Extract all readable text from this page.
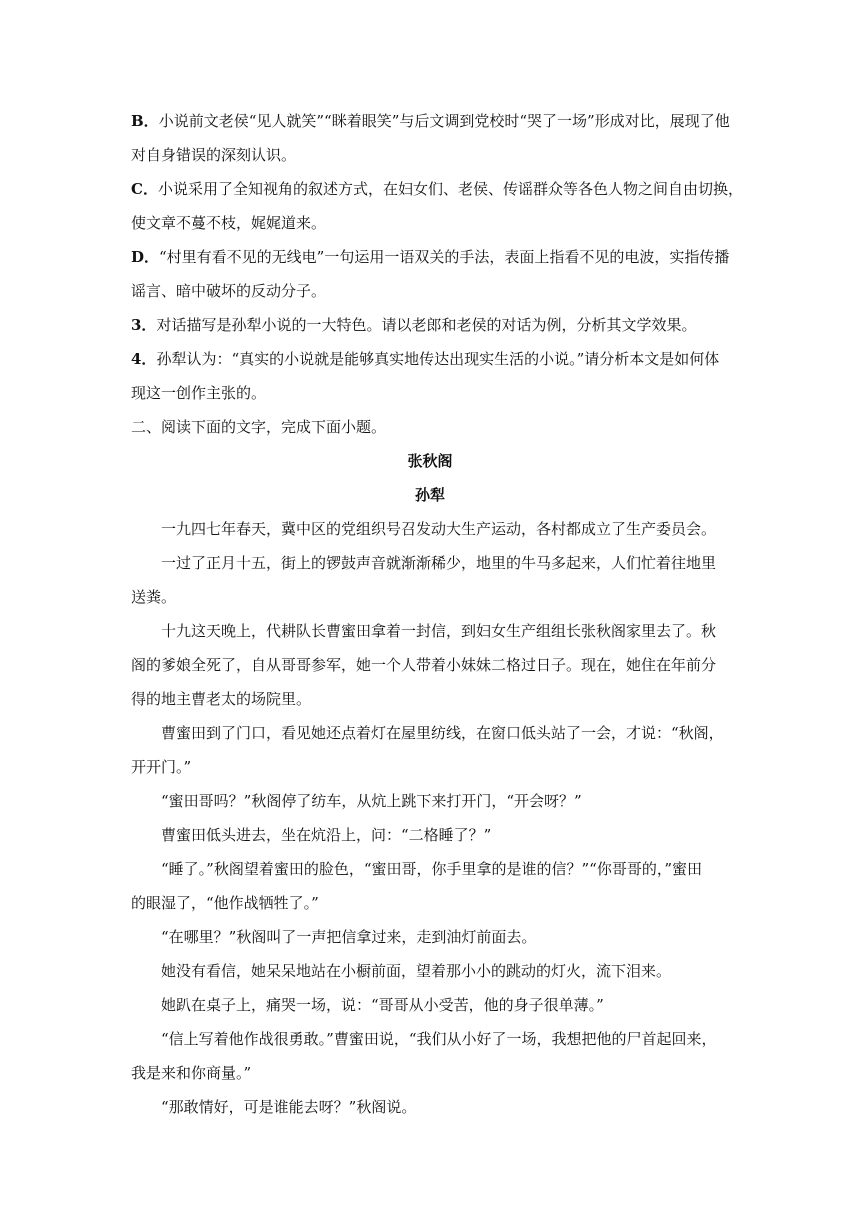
B．小说前文老侯“见人就笑”“眯着眼笑”与后文调到党校时“哭了一场”形成对比，展现了他
对自身错误的深刻认识。
C．小说采用了全知视角的叙述方式，在妇女们、老侯、传谣群众等各色人物之间自由切换，
使文章不蔓不枝，娓娓道来。
D．“村里有看不见的无线电”一句运用一语双关的手法，表面上指看不见的电波，实指传播
谣言、暗中破坏的反动分子。
3．对话描写是孙犁小说的一大特色。请以老郎和老侯的对话为例，分析其文学效果。
4．孙犁认为：“真实的小说就是能够真实地传达出现实生活的小说。”请分析本文是如何体
现这一创作主张的。
二、阅读下面的文字，完成下面小题。
张秋阁
孙犁
一九四七年春天，冀中区的党组织号召发动大生产运动，各村都成立了生产委员会。
一过了正月十五，街上的锣鼓声音就渐渐稀少，地里的牛马多起来，人们忙着往地里
送粪。
十九这天晚上，代耕队长曹蜜田拿着一封信，到妇女生产组组长张秋阁家里去了。秋
阁的爹娘全死了，自从哥哥参军，她一个人带着小妹妹二格过日子。现在，她住在年前分
得的地主曹老太的场院里。
曹蜜田到了门口，看见她还点着灯在屋里纺线，在窗口低头站了一会，才说：“秋阁，
开开门。”
“蜜田哥吗？”秋阁停了纺车，从炕上跳下来打开门，“开会呀？”
曹蜜田低头进去，坐在炕沿上，问：“二格睡了？”
“睡了。”秋阁望着蜜田的脸色，“蜜田哥，你手里拿的是谁的信？”“你哥哥的，”蜜田
的眼湿了，“他作战牺牲了。”
“在哪里？”秋阁叫了一声把信拿过来，走到油灯前面去。
她没有看信，她呆呆地站在小橱前面，望着那小小的跳动的灯火，流下泪来。
她趴在桌子上，痛哭一场，说：“哥哥从小受苦，他的身子很单薄。”
“信上写着他作战很勇敢。”曹蜜田说，“我们从小好了一场，我想把他的尸首起回来，
我是来和你商量。”
“那敢情好，可是谁能去呀？”秋阁说。
